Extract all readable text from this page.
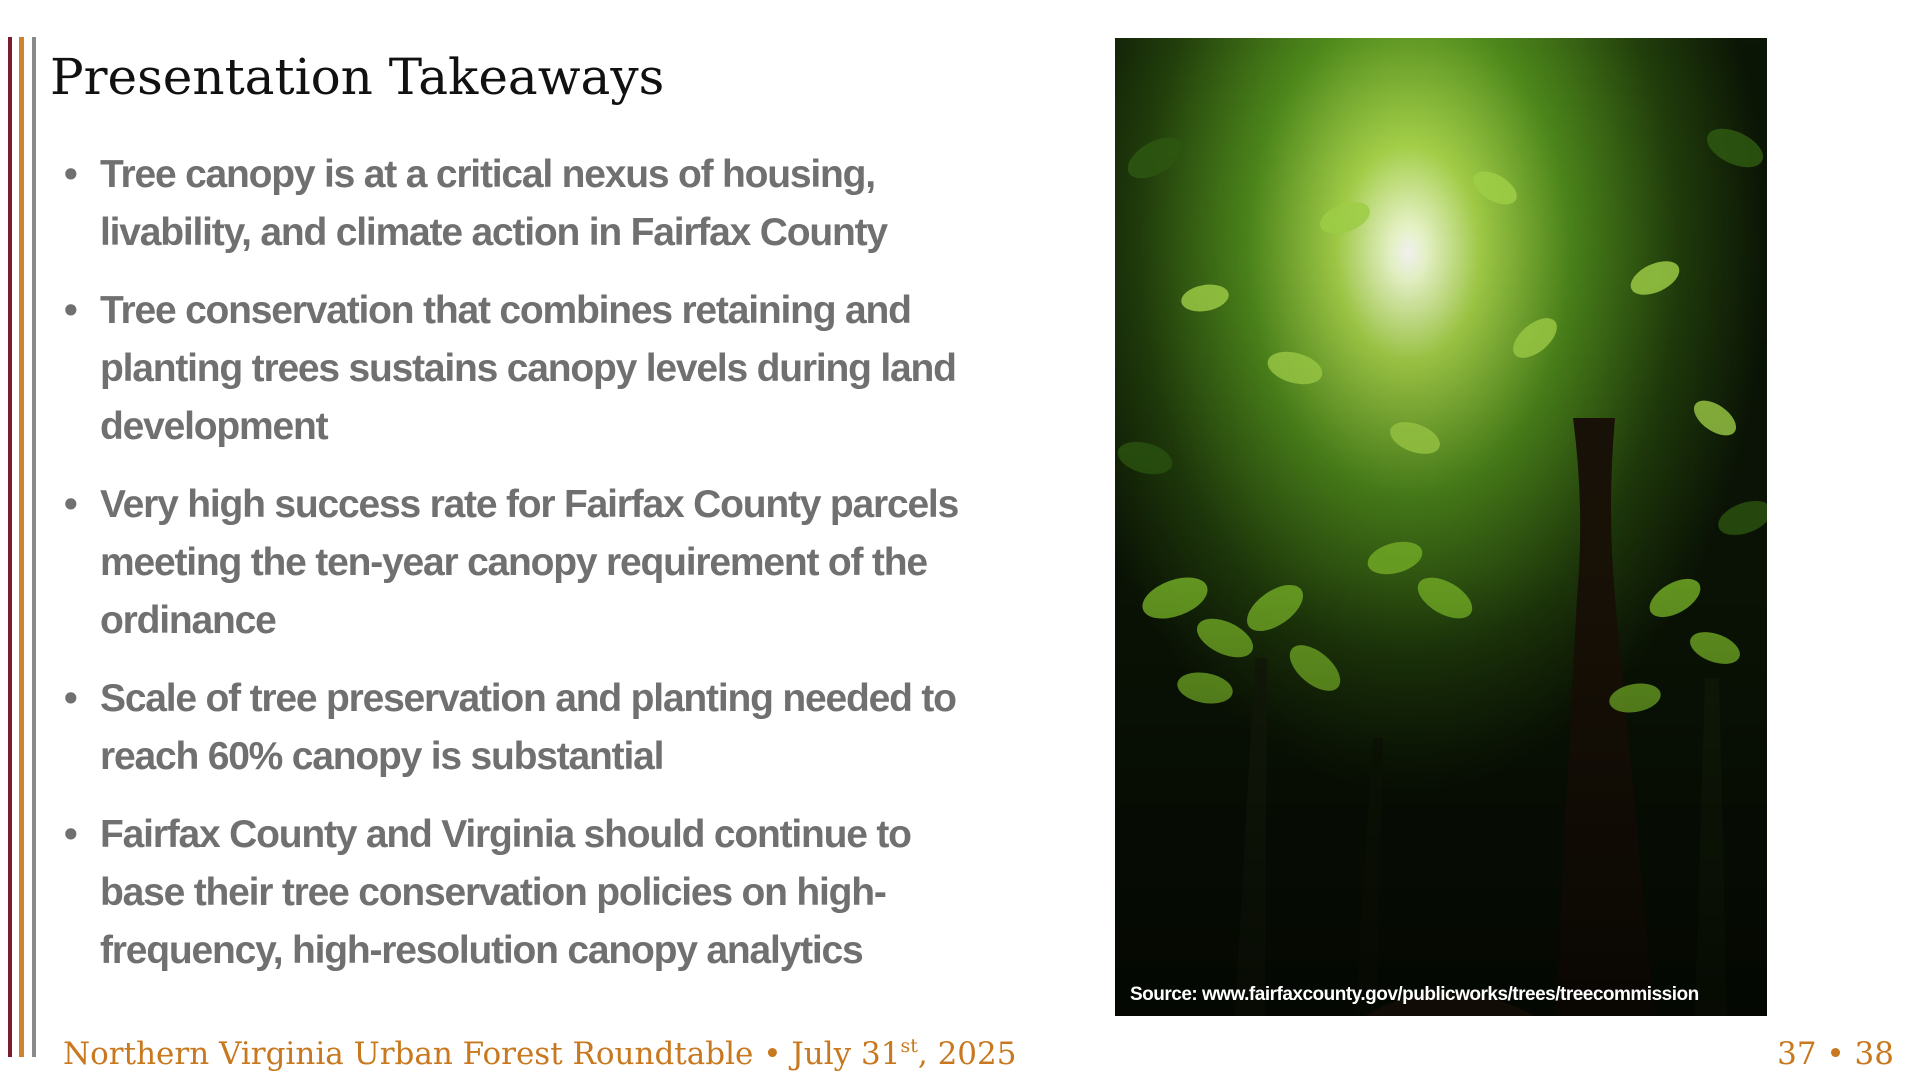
Presentation Takeaways
• Tree canopy is at a critical nexus of housing, livability, and climate action in Fairfax County
• Tree conservation that combines retaining and planting trees sustains canopy levels during land development
• Very high success rate for Fairfax County parcels meeting the ten-year canopy requirement of the ordinance
• Scale of tree preservation and planting needed to reach 60% canopy is substantial
• Fairfax County and Virginia should continue to base their tree conservation policies on high-frequency, high-resolution canopy analytics
Source: www.fairfaxcounty.gov/publicworks/trees/treecommission
Northern Virginia Urban Forest Roundtable • July 31st, 2025	37 • 38
